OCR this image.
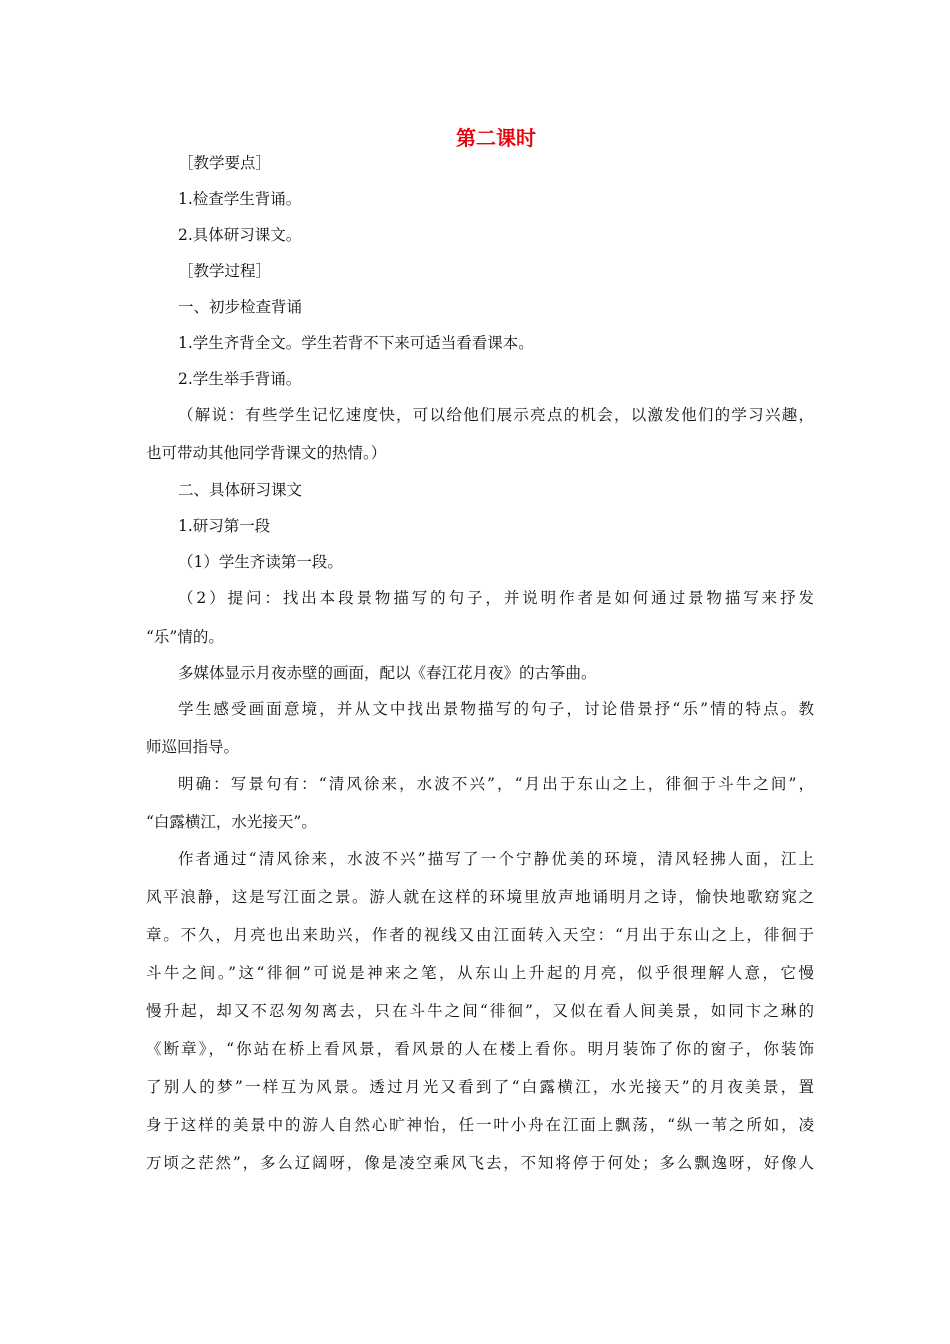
第二课时
［教学要点］
1.检查学生背诵。
2.具体研习课文。
［教学过程］
一、初步检查背诵
1.学生齐背全文。学生若背不下来可适当看看课本。
2.学生举手背诵。
（解说：有些学生记忆速度快，可以给他们展示亮点的机会，以激发他们的学习兴趣，
也可带动其他同学背课文的热情。）
二、具体研习课文
1.研习第一段
（1）学生齐读第一段。
（2）提问：找出本段景物描写的句子，并说明作者是如何通过景物描写来抒发
“乐”情的。
多媒体显示月夜赤壁的画面，配以《春江花月夜》的古筝曲。
学生感受画面意境，并从文中找出景物描写的句子，讨论借景抒“乐”情的特点。教
师巡回指导。
明确：写景句有：“清风徐来，水波不兴”，“月出于东山之上，徘徊于斗牛之间”，
“白露横江，水光接天”。
作者通过“清风徐来，水波不兴”描写了一个宁静优美的环境，清风轻拂人面，江上
风平浪静，这是写江面之景。游人就在这样的环境里放声地诵明月之诗，愉快地歌窈窕之
章。不久，月亮也出来助兴，作者的视线又由江面转入天空：“月出于东山之上，徘徊于
斗牛之间。”这“徘徊”可说是神来之笔，从东山上升起的月亮，似乎很理解人意，它慢
慢升起，却又不忍匆匆离去，只在斗牛之间“徘徊”，又似在看人间美景，如同卞之琳的
《断章》，“你站在桥上看风景，看风景的人在楼上看你。明月装饰了你的窗子，你装饰
了别人的梦”一样互为风景。透过月光又看到了“白露横江，水光接天”的月夜美景，置
身于这样的美景中的游人自然心旷神怡，任一叶小舟在江面上飘荡，“纵一苇之所如，凌
万顷之茫然”，多么辽阔呀，像是凌空乘风飞去，不知将停于何处；多么飘逸呀，好像人
